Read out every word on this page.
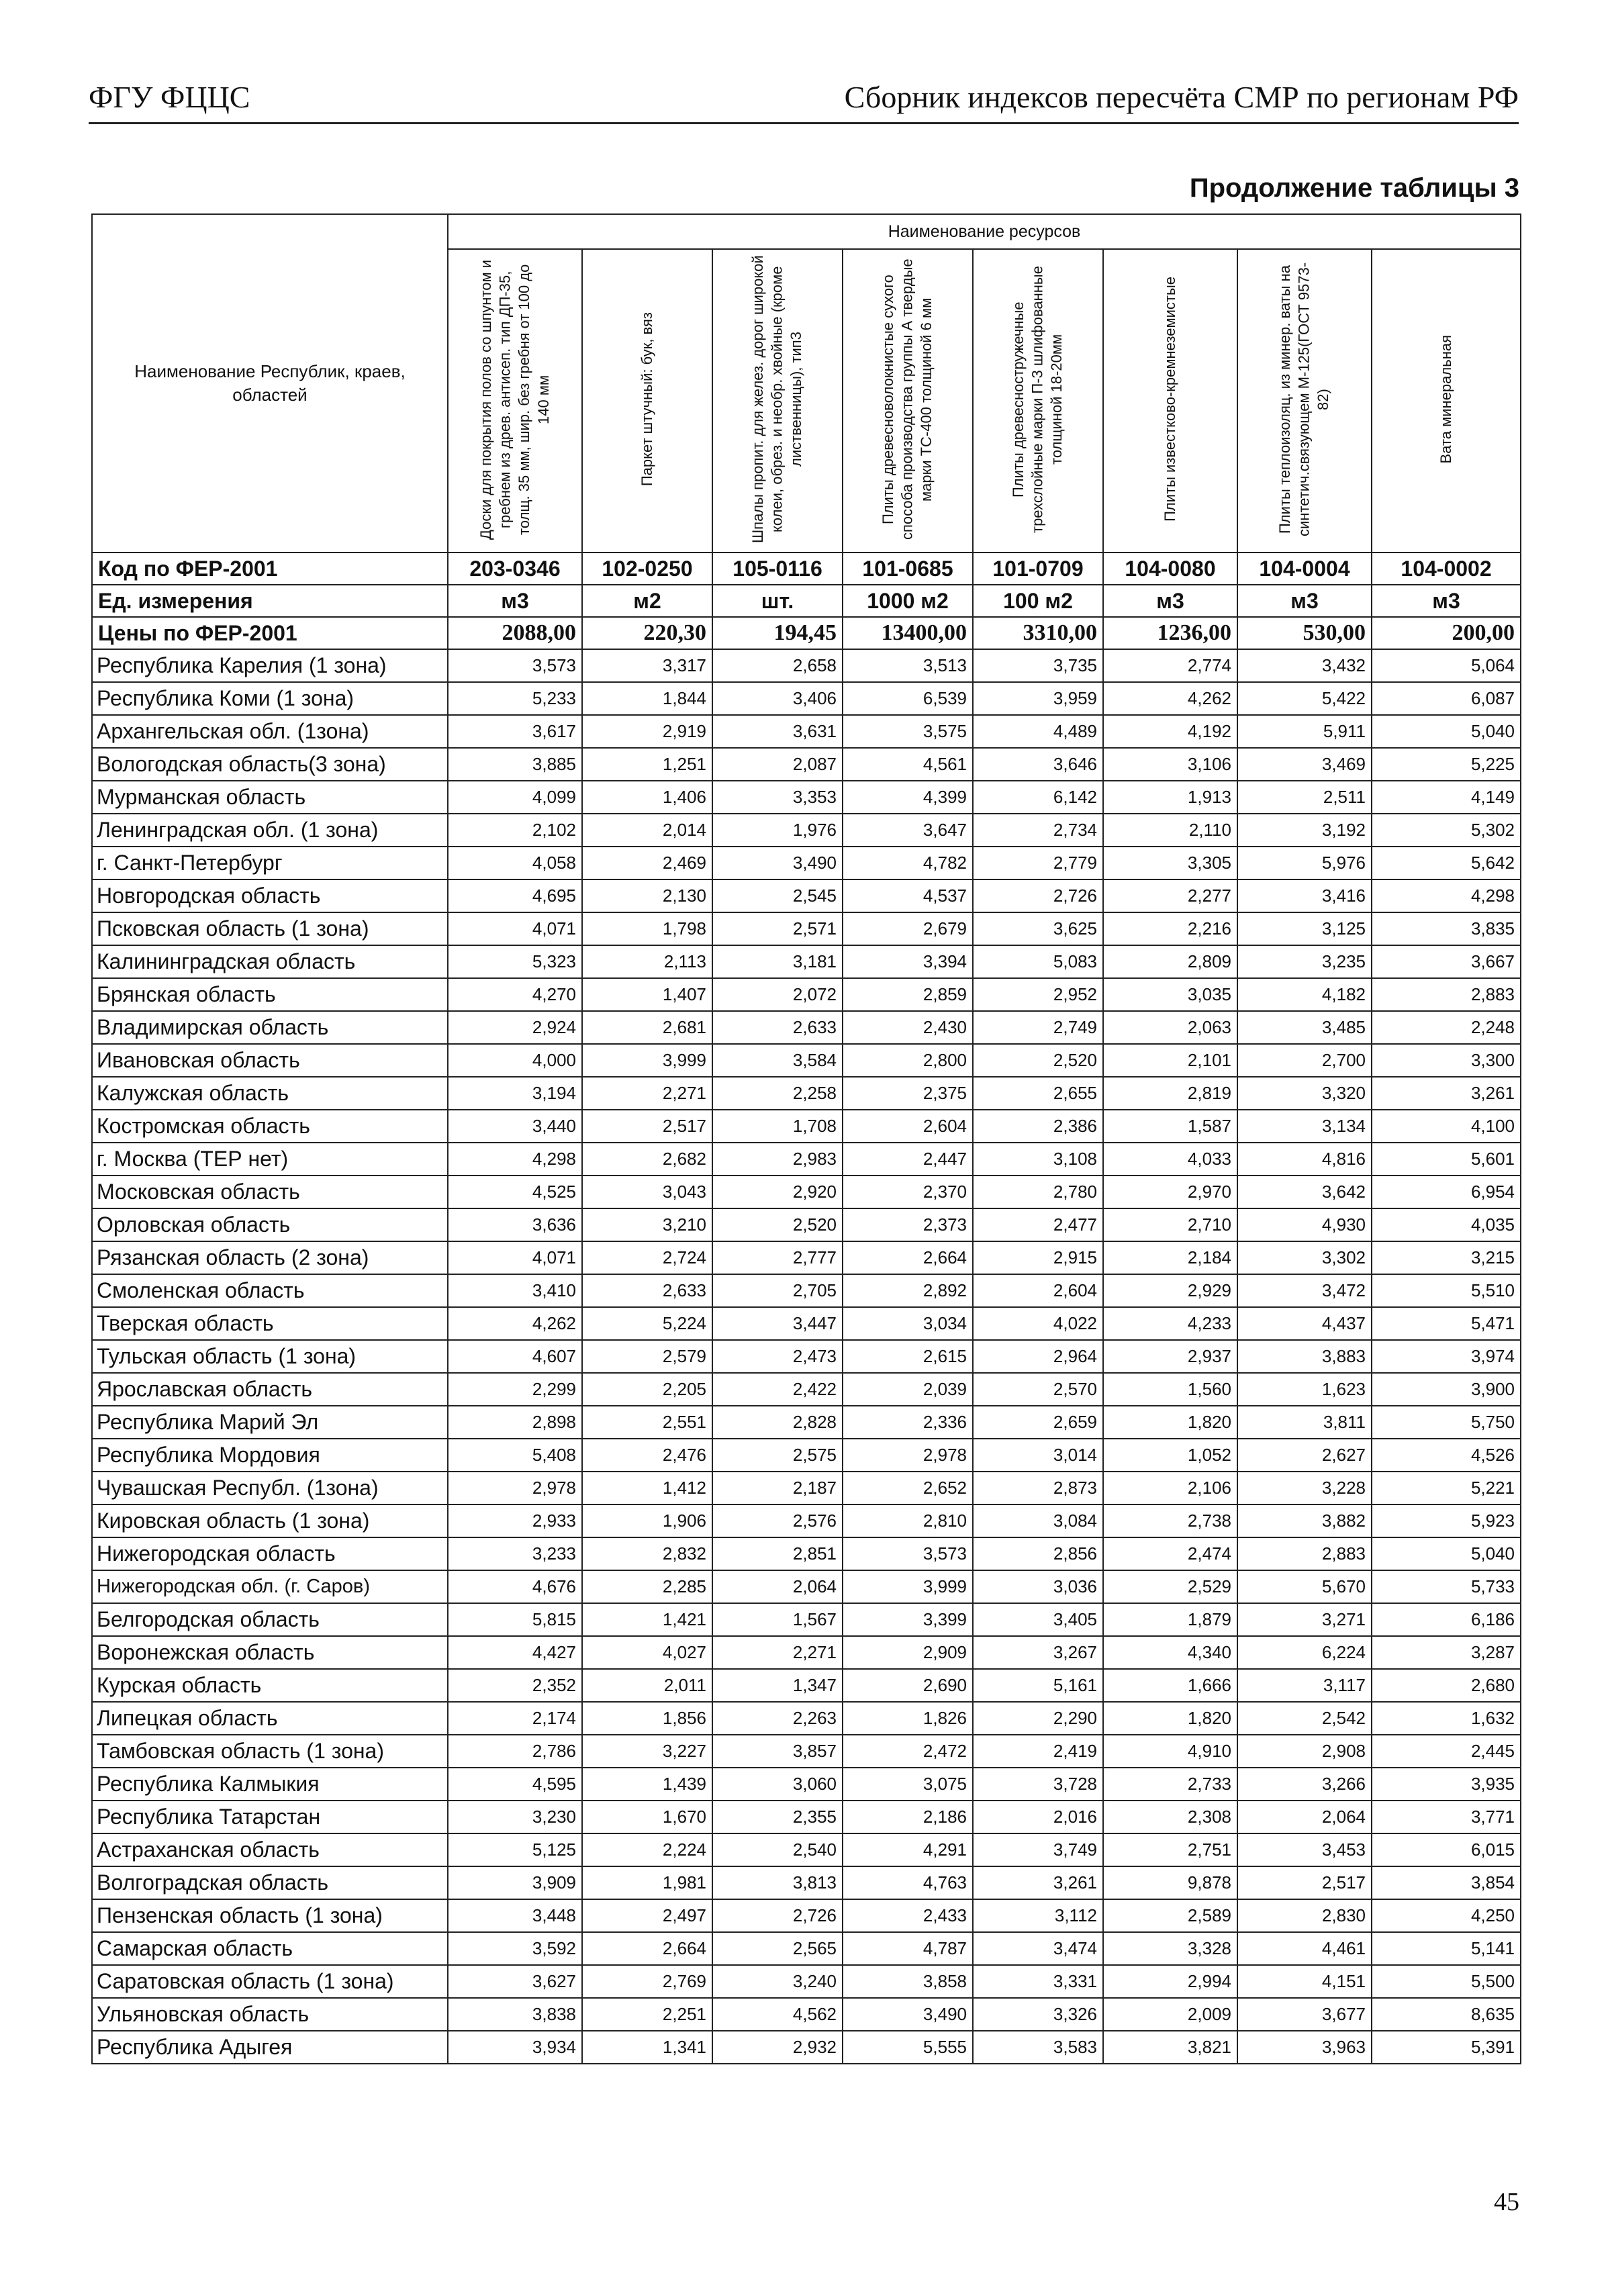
ФГУ ФЦЦС	Сборник индексов пересчёта СМР по регионам РФ
Продолжение таблицы 3
Наименование Республик, краев, областей	Наименование ресурсов							
	Доски для покрытия полов со шпунтом и гребнем из древ. антисеп. тип ДП-35, толщ. 35 мм, шир. без гребня от 100 до 140 мм	Паркет штучный: бук, вяз	Шпалы пропит. для желез. дорог широкой колеи, обрез. и необр. хвойные (кроме лиственницы), тип3	Плиты древесноволокнистые сухого способа производства группы А твердые марки ТС-400 толщиной 6 мм	Плиты древесностружечные трехслойные марки П-3 шлифованные толщиной 18-20мм	Плиты известково-кремнеземистые	Плиты теплоизоляц. из минер. ваты на синтетич.связующем М-125(ГОСТ 9573-82)	Вата минеральная
Код по ФЕР-2001	203-0346	102-0250	105-0116	101-0685	101-0709	104-0080	104-0004	104-0002
Ед. измерения	м3	м2	шт.	1000 м2	100 м2	м3	м3	м3
Цены по ФЕР-2001	2088,00	220,30	194,45	13400,00	3310,00	1236,00	530,00	200,00
Республика Карелия (1 зона)	3,573	3,317	2,658	3,513	3,735	2,774	3,432	5,064
Республика Коми (1 зона)	5,233	1,844	3,406	6,539	3,959	4,262	5,422	6,087
Архангельская обл. (1зона)	3,617	2,919	3,631	3,575	4,489	4,192	5,911	5,040
Вологодская область(3 зона)	3,885	1,251	2,087	4,561	3,646	3,106	3,469	5,225
Мурманская область	4,099	1,406	3,353	4,399	6,142	1,913	2,511	4,149
Ленинградская обл. (1 зона)	2,102	2,014	1,976	3,647	2,734	2,110	3,192	5,302
г. Санкт-Петербург	4,058	2,469	3,490	4,782	2,779	3,305	5,976	5,642
Новгородская область	4,695	2,130	2,545	4,537	2,726	2,277	3,416	4,298
Псковская область (1 зона)	4,071	1,798	2,571	2,679	3,625	2,216	3,125	3,835
Калининградская область	5,323	2,113	3,181	3,394	5,083	2,809	3,235	3,667
Брянская область	4,270	1,407	2,072	2,859	2,952	3,035	4,182	2,883
Владимирская область	2,924	2,681	2,633	2,430	2,749	2,063	3,485	2,248
Ивановская область	4,000	3,999	3,584	2,800	2,520	2,101	2,700	3,300
Калужская область	3,194	2,271	2,258	2,375	2,655	2,819	3,320	3,261
Костромская область	3,440	2,517	1,708	2,604	2,386	1,587	3,134	4,100
г. Москва (ТЕР нет)	4,298	2,682	2,983	2,447	3,108	4,033	4,816	5,601
Московская область	4,525	3,043	2,920	2,370	2,780	2,970	3,642	6,954
Орловская область	3,636	3,210	2,520	2,373	2,477	2,710	4,930	4,035
Рязанская область (2 зона)	4,071	2,724	2,777	2,664	2,915	2,184	3,302	3,215
Смоленская область	3,410	2,633	2,705	2,892	2,604	2,929	3,472	5,510
Тверская область	4,262	5,224	3,447	3,034	4,022	4,233	4,437	5,471
Тульская область (1 зона)	4,607	2,579	2,473	2,615	2,964	2,937	3,883	3,974
Ярославская область	2,299	2,205	2,422	2,039	2,570	1,560	1,623	3,900
Республика Марий Эл	2,898	2,551	2,828	2,336	2,659	1,820	3,811	5,750
Республика Мордовия	5,408	2,476	2,575	2,978	3,014	1,052	2,627	4,526
Чувашская Республ. (1зона)	2,978	1,412	2,187	2,652	2,873	2,106	3,228	5,221
Кировская область (1 зона)	2,933	1,906	2,576	2,810	3,084	2,738	3,882	5,923
Нижегородская область	3,233	2,832	2,851	3,573	2,856	2,474	2,883	5,040
Нижегородская обл. (г. Саров)	4,676	2,285	2,064	3,999	3,036	2,529	5,670	5,733
Белгородская область	5,815	1,421	1,567	3,399	3,405	1,879	3,271	6,186
Воронежская область	4,427	4,027	2,271	2,909	3,267	4,340	6,224	3,287
Курская область	2,352	2,011	1,347	2,690	5,161	1,666	3,117	2,680
Липецкая область	2,174	1,856	2,263	1,826	2,290	1,820	2,542	1,632
Тамбовская область (1 зона)	2,786	3,227	3,857	2,472	2,419	4,910	2,908	2,445
Республика Калмыкия	4,595	1,439	3,060	3,075	3,728	2,733	3,266	3,935
Республика Татарстан	3,230	1,670	2,355	2,186	2,016	2,308	2,064	3,771
Астраханская область	5,125	2,224	2,540	4,291	3,749	2,751	3,453	6,015
Волгоградская область	3,909	1,981	3,813	4,763	3,261	9,878	2,517	3,854
Пензенская область (1 зона)	3,448	2,497	2,726	2,433	3,112	2,589	2,830	4,250
Самарская область	3,592	2,664	2,565	4,787	3,474	3,328	4,461	5,141
Саратовская область (1 зона)	3,627	2,769	3,240	3,858	3,331	2,994	4,151	5,500
Ульяновская область	3,838	2,251	4,562	3,490	3,326	2,009	3,677	8,635
Республика Адыгея	3,934	1,341	2,932	5,555	3,583	3,821	3,963	5,391
45
